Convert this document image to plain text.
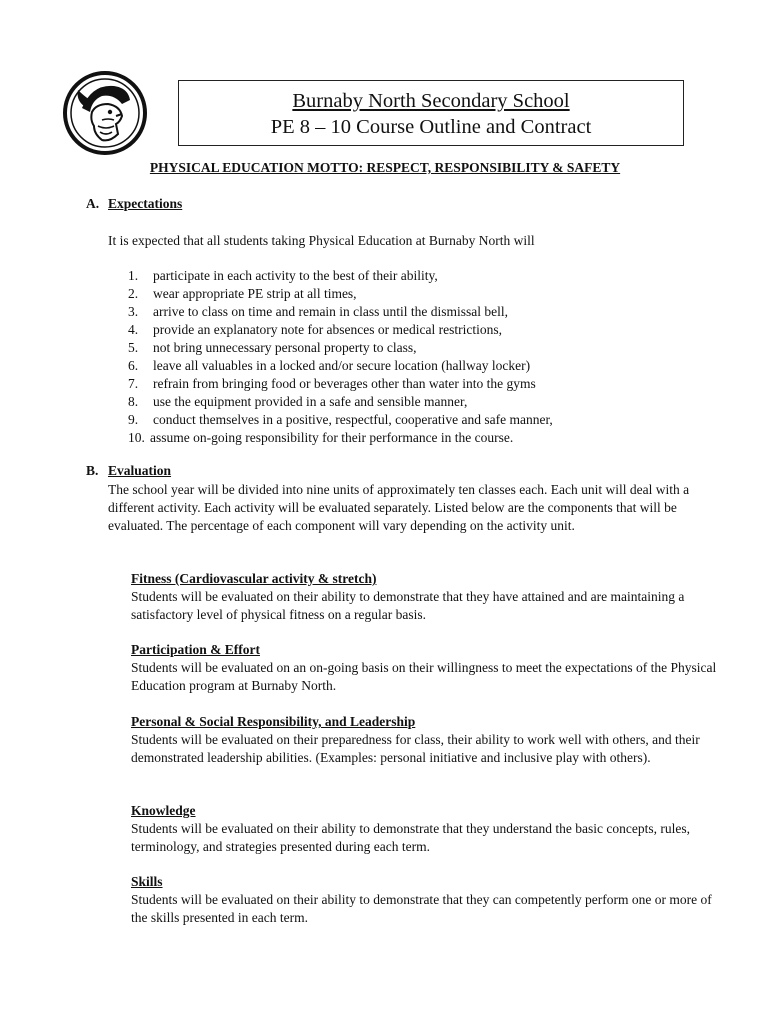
Burnaby North Secondary School
PE 8 – 10 Course Outline and Contract
PHYSICAL EDUCATION MOTTO: RESPECT, RESPONSIBILITY & SAFETY
A. Expectations
It is expected that all students taking Physical Education at Burnaby North will
1. participate in each activity to the best of their ability,
2. wear appropriate PE strip at all times,
3. arrive to class on time and remain in class until the dismissal bell,
4. provide an explanatory note for absences or medical restrictions,
5. not bring unnecessary personal property to class,
6. leave all valuables in a locked and/or secure location (hallway locker)
7. refrain from bringing food or beverages other than water into the gyms
8. use the equipment provided in a safe and sensible manner,
9. conduct themselves in a positive, respectful, cooperative and safe manner,
10. assume on-going responsibility for their performance in the course.
B. Evaluation
The school year will be divided into nine units of approximately ten classes each. Each unit will deal with a different activity. Each activity will be evaluated separately. Listed below are the components that will be evaluated. The percentage of each component will vary depending on the activity unit.
Fitness (Cardiovascular activity & stretch)
Students will be evaluated on their ability to demonstrate that they have attained and are maintaining a satisfactory level of physical fitness on a regular basis.
Participation & Effort
Students will be evaluated on an on-going basis on their willingness to meet the expectations of the Physical Education program at Burnaby North.
Personal & Social Responsibility, and Leadership
Students will be evaluated on their preparedness for class, their ability to work well with others, and their demonstrated leadership abilities. (Examples: personal initiative and inclusive play with others).
Knowledge
Students will be evaluated on their ability to demonstrate that they understand the basic concepts, rules, terminology, and strategies presented during each term.
Skills
Students will be evaluated on their ability to demonstrate that they can competently perform one or more of the skills presented in each term.
